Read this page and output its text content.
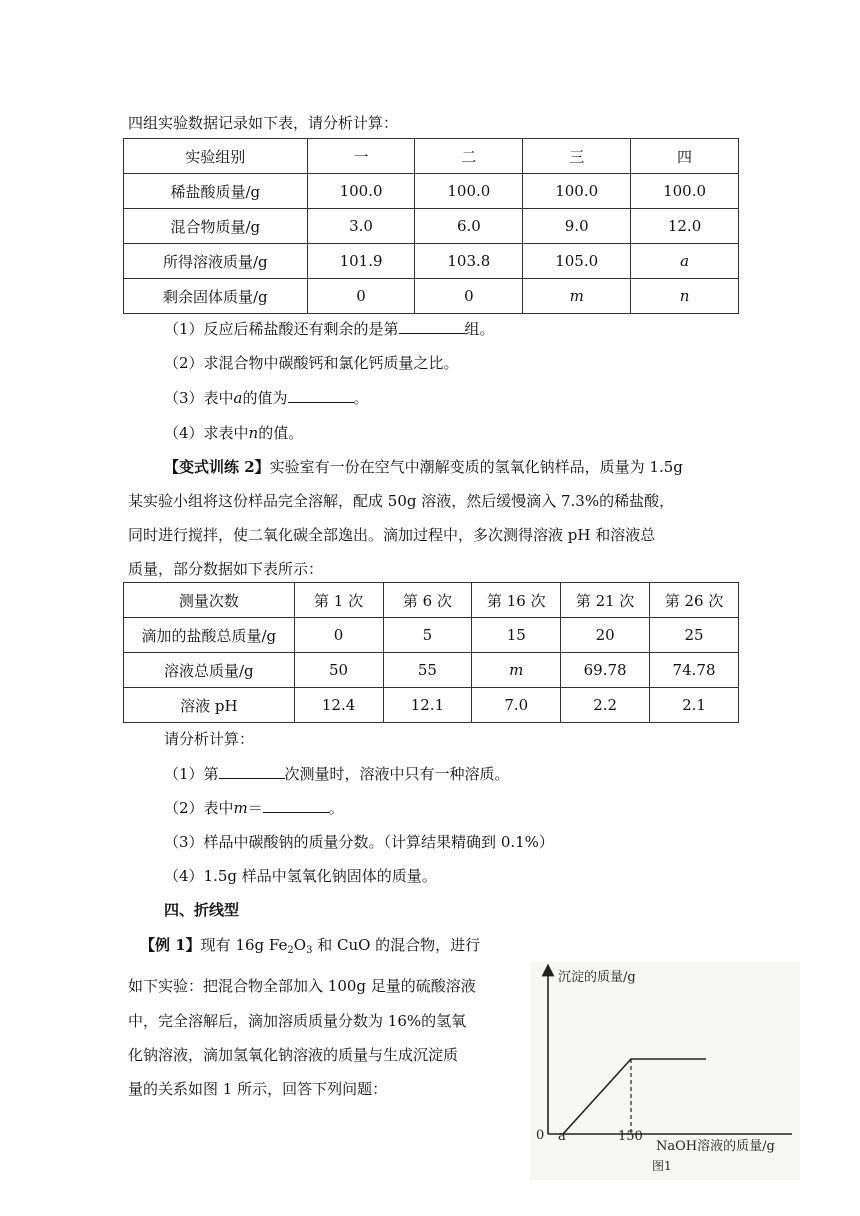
四组实验数据记录如下表，请分析计算：
实验组别	一	二	三	四
稀盐酸质量/g	100.0	100.0	100.0	100.0
混合物质量/g	3.0	6.0	9.0	12.0
所得溶液质量/g	101.9	103.8	105.0	a
剩余固体质量/g	0	0	m	n
（1）反应后稀盐酸还有剩余的是第	组。
（2）求混合物中碳酸钙和氯化钙质量之比。
（3）表中a的值为	。
（4）求表中n的值。
【变式训练 2】实验室有一份在空气中潮解变质的氢氧化钠样品，质量为 1.5g
某实验小组将这份样品完全溶解，配成 50g 溶液，然后缓慢滴入 7.3%的稀盐酸，
同时进行搅拌，使二氧化碳全部逸出。滴加过程中，多次测得溶液 pH 和溶液总
质量，部分数据如下表所示：
测量次数	第 1 次	第 6 次	第 16 次	第 21 次	第 26 次
滴加的盐酸总质量/g	0	5	15	20	25
溶液总质量/g	50	55	m	69.78	74.78
溶液 pH	12.4	12.1	7.0	2.2	2.1
请分析计算：
（1）第	次测量时，溶液中只有一种溶质。
（2）表中m＝	。
（3）样品中碳酸钠的质量分数。（计算结果精确到 0.1%）
（4）1.5g 样品中氢氧化钠固体的质量。
四、折线型
【例 1】现有 16g $Fe_2O_3$ 和 CuO 的混合物，进行
如下实验：把混合物全部加入 100g 足量的硫酸溶液
中，完全溶解后，滴加溶质质量分数为 16%的氢氧
化钠溶液，滴加氢氧化钠溶液的质量与生成沉淀质
量的关系如图 1 所示，回答下列问题：
沉淀的质量/g
0 a	150
NaOH溶液的质量/g
图1
